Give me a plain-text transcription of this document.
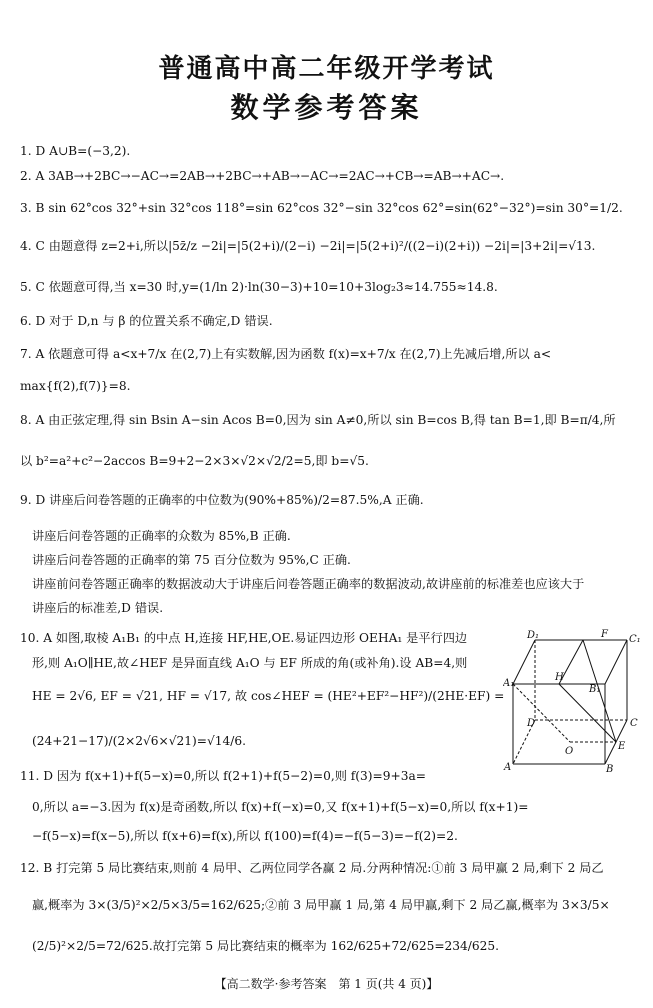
普通高中高二年级开学考试
数学参考答案
1. D A∪B=(−3,2).
2. A 3AB→+2BC→−AC→=2AB→+2BC→+AB→−AC→=2AC→+CB→=AB→+AC→.
3. B sin 62°cos 32°+sin 32°cos 118°=sin 62°cos 32°−sin 32°cos 62°=sin(62°−32°)=sin 30°=1/2.
4. C 由题意得 z=2+i,所以|5z̄/z −2i|=|5(2+i)/(2−i) −2i|=|5(2+i)²/((2−i)(2+i)) −2i|=|3+2i|=√13.
5. C 依题意可得,当 x=30 时,y=(1/ln 2)·ln(30−3)+10=10+3log₂3≈14.755≈14.8.
6. D 对于 D,n 与 β 的位置关系不确定,D 错误.
7. A 依题意可得 a<x+7/x 在(2,7)上有实数解,因为函数 f(x)=x+7/x 在(2,7)上先减后增,所以 a<
max{f(2),f(7)}=8.
8. A 由正弦定理,得 sin Bsin A−sin Acos B=0,因为 sin A≠0,所以 sin B=cos B,得 tan B=1,即 B=π/4,所
以 b²=a²+c²−2accos B=9+2−2×3×√2×√2/2=5,即 b=√5.
9. D 讲座后问卷答题的正确率的中位数为(90%+85%)/2=87.5%,A 正确.
讲座后问卷答题的正确率的众数为 85%,B 正确.
讲座后问卷答题的正确率的第 75 百分位数为 95%,C 正确.
讲座前问卷答题正确率的数据波动大于讲座后问卷答题正确率的数据波动,故讲座前的标准差也应该大于
讲座后的标准差,D 错误.
10. A 如图,取棱 A₁B₁ 的中点 H,连接 HF,HE,OE.易证四边形 OEHA₁ 是平行四边
形,则 A₁O∥HE,故∠HEF 是异面直线 A₁O 与 EF 所成的角(或补角).设 AB=4,则
HE = 2√6, EF = √21, HF = √17, 故 cos∠HEF = (HE²+EF²−HF²)/(2HE·EF) =
(24+21−17)/(2×2√6×√21)=√14/6.
11. D 因为 f(x+1)+f(5−x)=0,所以 f(2+1)+f(5−2)=0,则 f(3)=9+3a=
0,所以 a=−3.因为 f(x)是奇函数,所以 f(x)+f(−x)=0,又 f(x+1)+f(5−x)=0,所以 f(x+1)=
−f(5−x)=f(x−5),所以 f(x+6)=f(x),所以 f(100)=f(4)=−f(5−3)=−f(2)=2.
12. B 打完第 5 局比赛结束,则前 4 局甲、乙两位同学各赢 2 局.分两种情况:①前 3 局甲赢 2 局,剩下 2 局乙
赢,概率为 3×(3/5)²×2/5×3/5=162/625;②前 3 局甲赢 1 局,第 4 局甲赢,剩下 2 局乙赢,概率为 3×3/5×
(2/5)²×2/5=72/625.故打完第 5 局比赛结束的概率为 162/625+72/625=234/625.
D₁	F C₁
A₁
H
B₁
D	C
E
O
A	B
【高二数学·参考答案　第 1 页(共 4 页)】
